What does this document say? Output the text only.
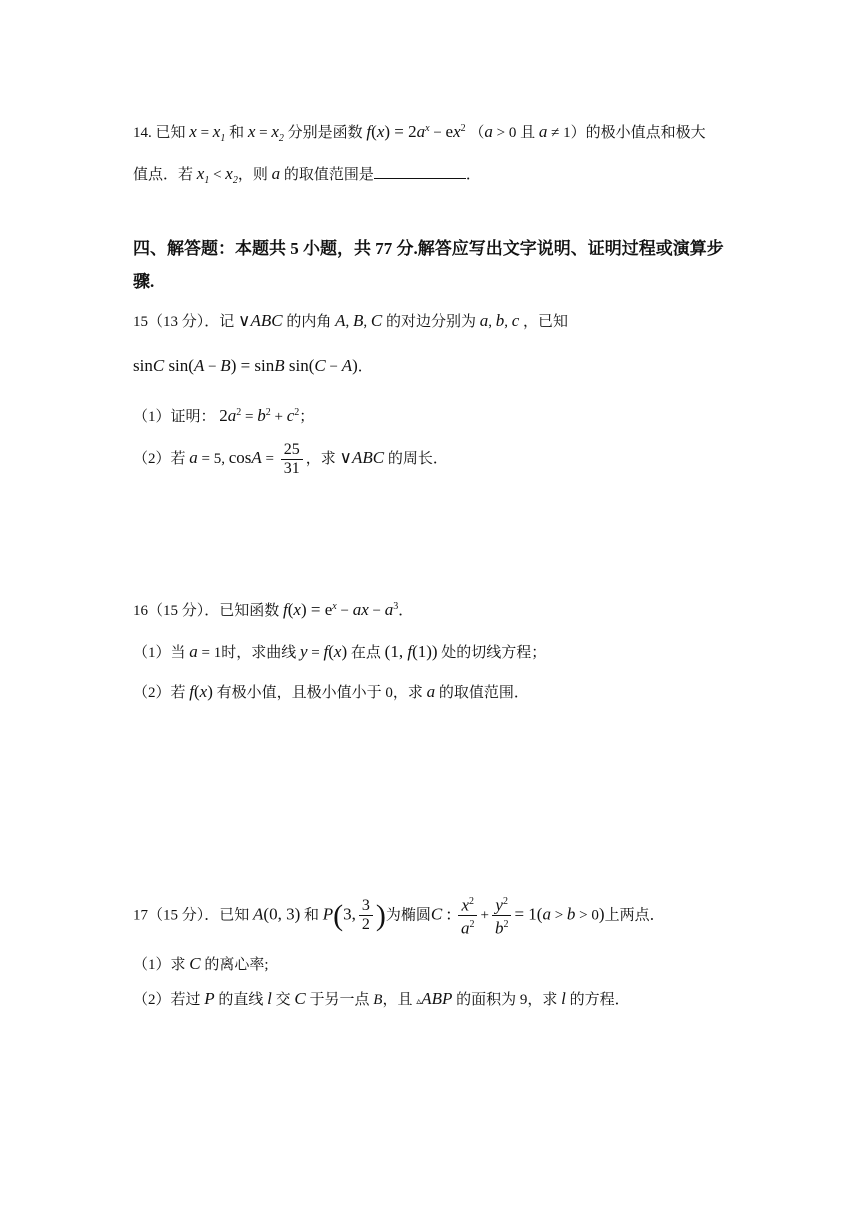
14. 已知 $x = x_1$ 和 $x = x_2$ 分别是函数 $f(x) = 2a^x - ex^2$ （a > 0 且 a ≠ 1）的极小值点和极大
值点．若 $x_1 < x_2$，则 a 的取值范围是	．
四、解答题：本题共 5 小题，共 77 分.解答应写出文字说明、证明过程或演算步
骤.
15（13 分）．记 ∨ABC 的内角 A, B, C 的对边分别为 a, b, c ，已知
sinC sin(A − B) = sinB sin(C − A)．
（1）证明： $2a^2 = b^2 + c^2$；
（2）若 a = 5, $\cos A = \frac{25}{31}$ ，求 ∨ABC 的周长．
16（15 分）．已知函数 $f(x) = e^x$ − ax − $a^3$．
（1）当 a = 1时，求曲线 y = f(x) 在点 (1, f(1)) 处的切线方程；
（2）若 f(x) 有极小值，且极小值小于 0，求 a 的取值范围．
17（15 分）．已知 A(0, 3) 和 P(3, $\frac{3}{2}$ )为椭圆C : $\frac{x^2}{a^2} + \frac{y^2}{b^2} = 1(a > b > 0)$上两点．
（1）求 C 的离心率;
（2）若过 P 的直线 l 交 C 于另一点 B，且 ▵ABP 的面积为 9，求 l 的方程．
